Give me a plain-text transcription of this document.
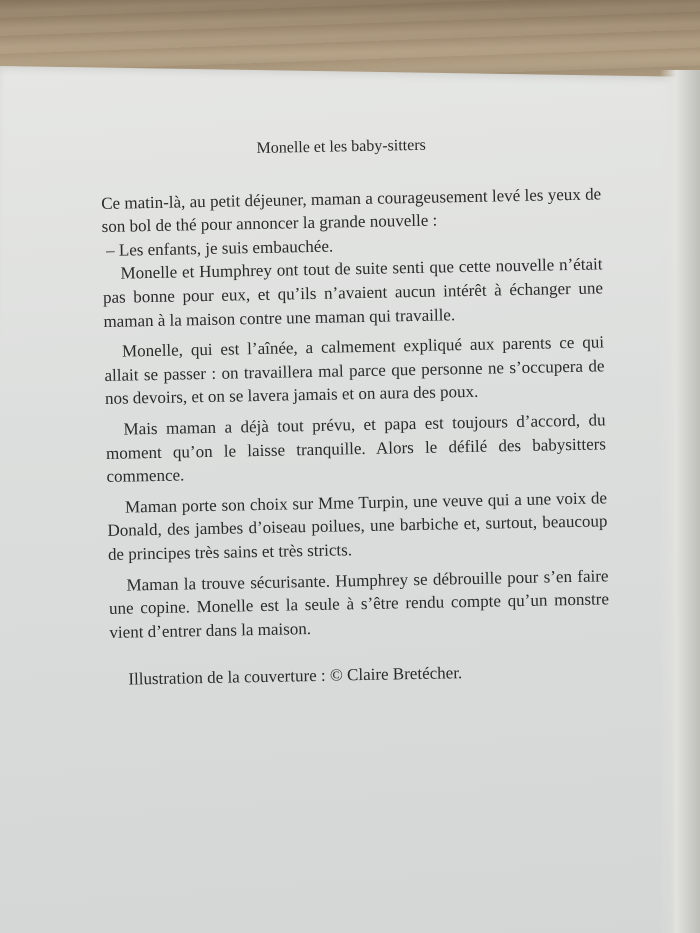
Monelle et les baby-sitters

Ce matin-là, au petit déjeuner, maman a courageusement levé les yeux de son bol de thé pour annoncer la grande nouvelle :

– Les enfants, je suis embauchée.

Monelle et Humphrey ont tout de suite senti que cette nouvelle n’était pas bonne pour eux, et qu’ils n’avaient aucun intérêt à échanger une maman à la maison contre une maman qui travaille.

Monelle, qui est l’aînée, a calmement expliqué aux parents ce qui allait se passer : on travaillera mal parce que personne ne s’occupera de nos devoirs, et on se lavera jamais et on aura des poux.

Mais maman a déjà tout prévu, et papa est toujours d’accord, du moment qu’on le laisse tranquille. Alors le défilé des babysitters commence.

Maman porte son choix sur Mme Turpin, une veuve qui a une voix de Donald, des jambes d’oiseau poilues, une barbiche et, surtout, beaucoup de principes très sains et très stricts.

Maman la trouve sécurisante. Humphrey se débrouille pour s’en faire une copine. Monelle est la seule à s’être rendu compte qu’un monstre vient d’entrer dans la maison.

Illustration de la couverture : © Claire Bretécher.
